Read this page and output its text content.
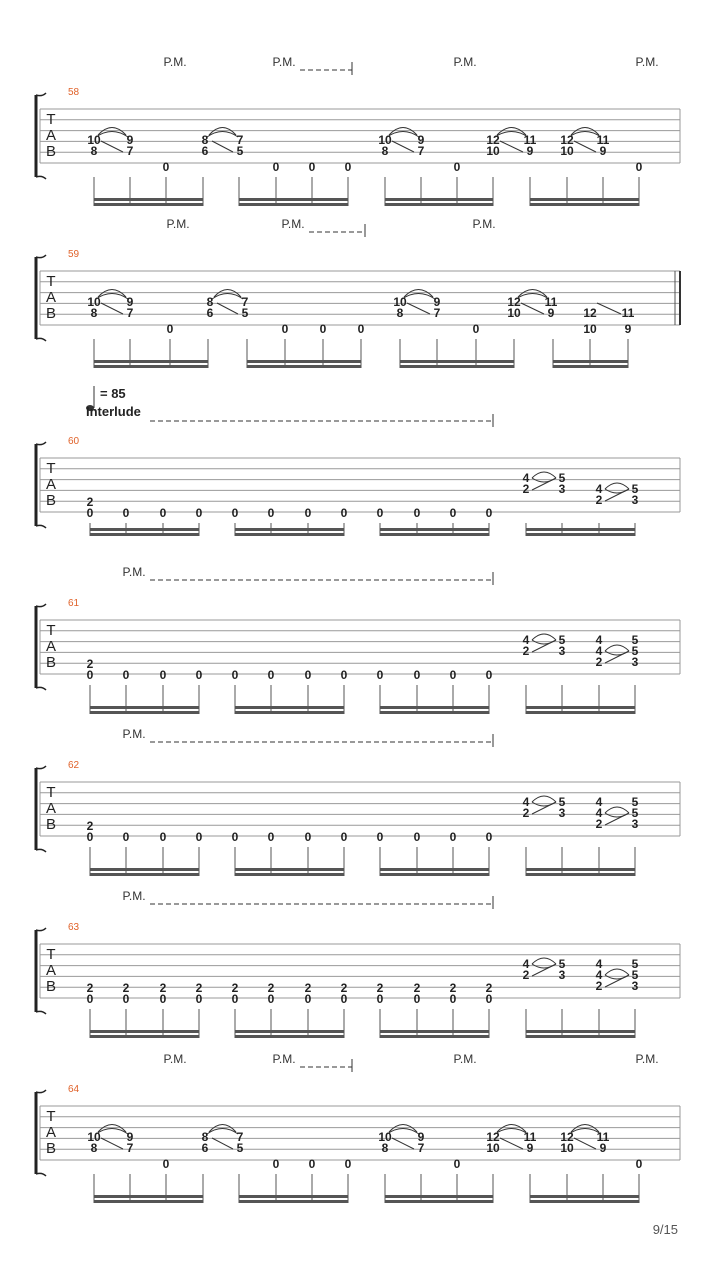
P.M.	P.M.	P.M.	P.M.
58
T
A
B
10 9
8 7
0
8 7
6 5
0 0 0
10 9
8 7
0
12 11
10 9
12 11
10 9
0
P.M.	P.M.	P.M.
59
T
A
B
10 9
8 7
0
8 7
6 5
0	0	0
10 9
8	7
0
12 11
10 9 12 11
10 9
= 85
Interlude
60
T
A
B	2
0 0	0 0 0 0	0 0 0	0 0 0
4 5
2 3	4 5
2 3
P.M.
61
T
A
B	2
0 0	0 0 0 0	0 0 0	0 0 0
4 5
2 3
4 5
2 3
4 5
P.M.
62
T
A
B	2
0 0	0 0 0 0	0 0 0	0 0 0
4 5
2 3
4 5
2 3
4 5
P.M.
63
T
A
B	2
0
2
0
2
0
2
0
2
0
2
0
2
0
2
0
2
0
2
0
2
0
2
0
4 5
2 3
4 5
2 3
4 5
P.M.	P.M.	P.M.	P.M.
64
T
A
B
10 9
8 7
0
8 7
6 5
0 0 0
10 9
8 7
0
12 11
10 9
12 11
10 9
0
9/15
